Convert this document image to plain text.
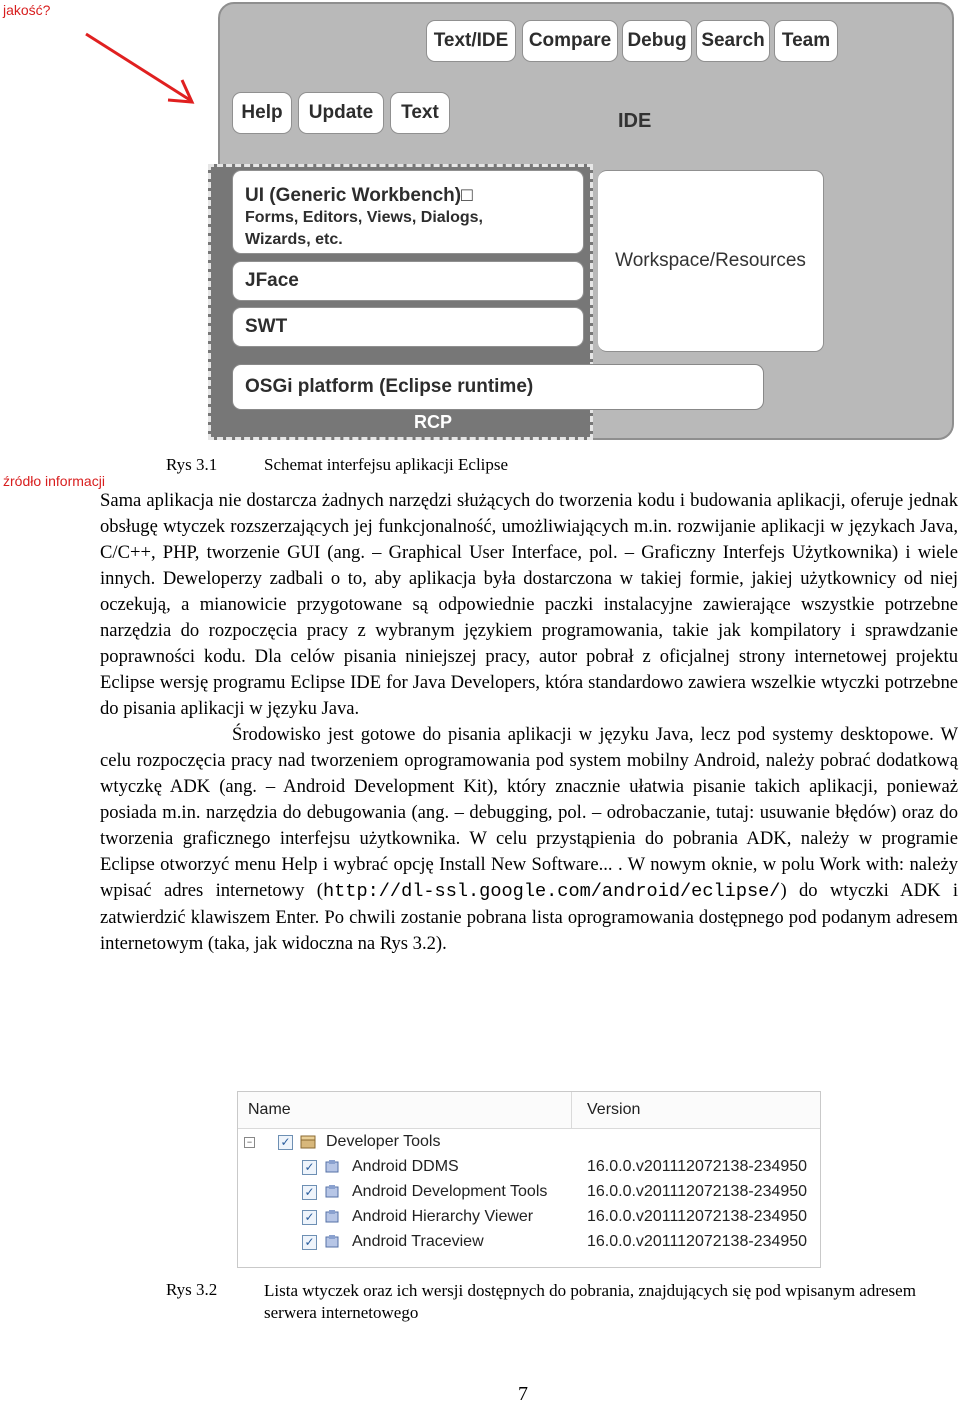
jakość?
źródło informacji
Text/IDE	Compare Debug Search Team
Help	Update	Text	IDE
UI (Generic Workbench)□
Forms, Editors, Views, Dialogs,
Wizards, etc.
JFace
SWT
OSGi platform (Eclipse runtime)
Workspace/Resources
RCP
Rys 3.1	Schemat interfejsu aplikacji Eclipse

Sama aplikacja nie dostarcza żadnych narzędzi służących do tworzenia kodu i budowania aplikacji, oferuje jednak obsługę wtyczek rozszerzających jej funkcjonalność, umożliwiających m.in. rozwijanie aplikacji w językach Java, C/C++, PHP, tworzenie GUI (ang. – Graphical User Interface, pol. – Graficzny Interfejs Użytkownika) i wiele innych. Deweloperzy zadbali o to, aby aplikacja była dostarczona w takiej formie, jakiej użytkownicy od niej oczekują, a mianowicie przygotowane są odpowiednie paczki instalacyjne zawierające wszystkie potrzebne narzędzia do rozpoczęcia pracy z wybranym językiem programowania, takie jak kompilatory i sprawdzanie poprawności kodu. Dla celów pisania niniejszej pracy, autor pobrał z oficjalnej strony internetowej projektu Eclipse wersję programu Eclipse IDE for Java Developers, która standardowo zawiera wszelkie wtyczki potrzebne do pisania aplikacji w języku Java.

Środowisko jest gotowe do pisania aplikacji w języku Java, lecz pod systemy desktopowe. W celu rozpoczęcia pracy nad tworzeniem oprogramowania pod system mobilny Android, należy pobrać dodatkową wtyczkę ADK (ang. – Android Development Kit), który znacznie ułatwia pisanie takich aplikacji, ponieważ posiada m.in. narzędzia do debugowania (ang. – debugging, pol. – odrobaczanie, tutaj: usuwanie błędów) oraz do tworzenia graficznego interfejsu użytkownika. W celu przystąpienia do pobrania ADK, należy w programie Eclipse otworzyć menu Help i wybrać opcję Install New Software... . W nowym oknie, w polu Work with: należy wpisać adres internetowy (http://dl-ssl.google.com/android/eclipse/) do wtyczki ADK i zatwierdzić klawiszem Enter. Po chwili zostanie pobrana lista oprogramowania dostępnego pod podanym adresem internetowym (taka, jak widoczna na Rys 3.2).

Name	Version
− ✓ Developer Tools
✓ Android DDMS	16.0.0.v201112072138-234950
✓ Android Development Tools 16.0.0.v201112072138-234950
✓ Android Hierarchy Viewer	16.0.0.v201112072138-234950
✓ Android Traceview	16.0.0.v201112072138-234950
Rys 3.2	Lista wtyczek oraz ich wersji dostępnych do pobrania, znajdujących się pod wpisanym adresem serwera internetowego
7
